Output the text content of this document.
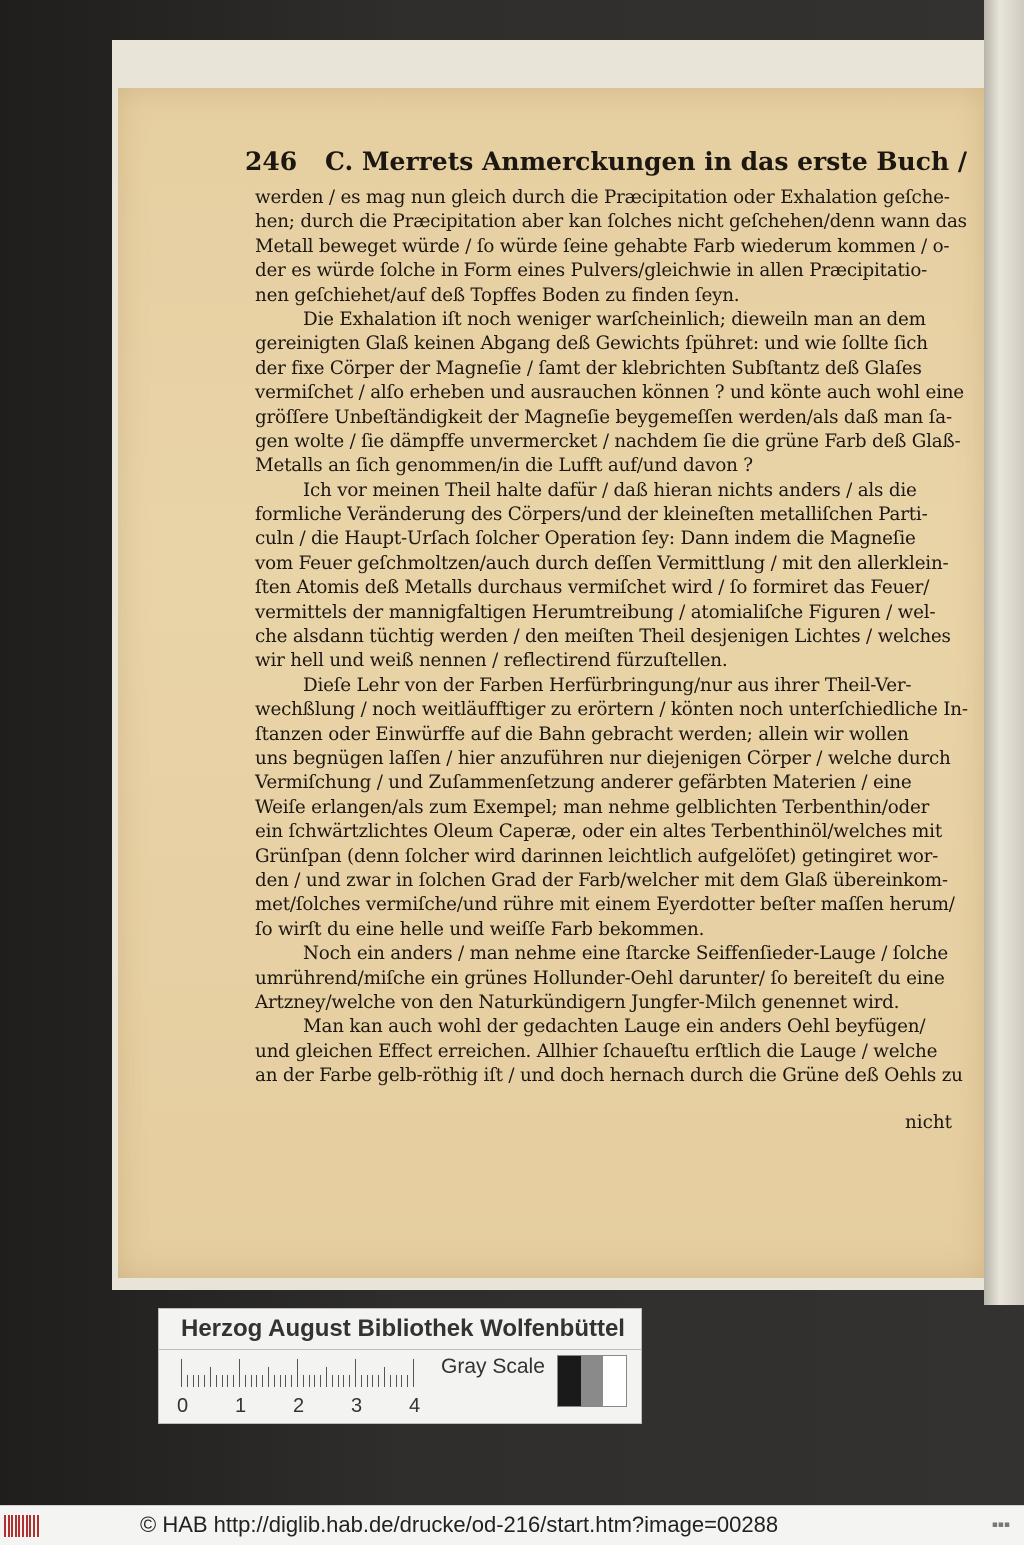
246 C. Merrets Anmerckungen in das erste Buch /
werden / es mag nun gleich durch die Præcipitation oder Exhalation geſche-
hen; durch die Præcipitation aber kan ſolches nicht geſchehen/denn wann das
Metall beweget würde / ſo würde ſeine gehabte Farb wiederum kommen / o-
der es würde ſolche in Form eines Pulvers/gleichwie in allen Præcipitatio-
nen geſchiehet/auf deß Topffes Boden zu finden ſeyn.
Die Exhalation iſt noch weniger warſcheinlich; dieweiln man an dem
gereinigten Glaß keinen Abgang deß Gewichts ſpühret: und wie ſollte ſich
der fixe Cörper der Magneſie / ſamt der klebrichten Subſtantz deß Glaſes
vermiſchet / alſo erheben und ausrauchen können ? und könte auch wohl eine
gröſſere Unbeſtändigkeit der Magneſie beygemeſſen werden/als daß man ſa-
gen wolte / ſie dämpffe unvermercket / nachdem ſie die grüne Farb deß Glaß-
Metalls an ſich genommen/in die Lufft auf/und davon ?
Ich vor meinen Theil halte dafür / daß hieran nichts anders / als die
formliche Veränderung des Cörpers/und der kleineſten metalliſchen Parti-
culn / die Haupt-Urſach ſolcher Operation ſey: Dann indem die Magneſie
vom Feuer geſchmoltzen/auch durch deſſen Vermittlung / mit den allerklein-
ſten Atomis deß Metalls durchaus vermiſchet wird / ſo formiret das Feuer/
vermittels der mannigfaltigen Herumtreibung / atomialiſche Figuren / wel-
che alsdann tüchtig werden / den meiſten Theil desjenigen Lichtes / welches
wir hell und weiß nennen / reflectirend fürzuſtellen.
Dieſe Lehr von der Farben Herfürbringung/nur aus ihrer Theil-Ver-
wechßlung / noch weitläufftiger zu erörtern / könten noch unterſchiedliche In-
ſtanzen oder Einwürffe auf die Bahn gebracht werden; allein wir wollen
uns begnügen laſſen / hier anzuführen nur diejenigen Cörper / welche durch
Vermiſchung / und Zuſammenſetzung anderer gefärbten Materien / eine
Weiſe erlangen/als zum Exempel; man nehme gelblichten Terbenthin/oder
ein ſchwärtzlichtes Oleum Caperæ, oder ein altes Terbenthinöl/welches mit
Grünſpan (denn ſolcher wird darinnen leichtlich aufgelöſet) getingiret wor-
den / und zwar in ſolchen Grad der Farb/welcher mit dem Glaß übereinkom-
met/ſolches vermiſche/und rühre mit einem Eyerdotter beſter maſſen herum/
ſo wirſt du eine helle und weiſſe Farb bekommen.
Noch ein anders / man nehme eine ſtarcke Seiffenſieder-Lauge / ſolche
umrührend/miſche ein grünes Hollunder-Oehl darunter/ ſo bereiteſt du eine
Artzney/welche von den Naturkündigern Jungfer-Milch genennet wird.
Man kan auch wohl der gedachten Lauge ein anders Oehl beyfügen/
und gleichen Effect erreichen. Allhier ſchaueſtu erſtlich die Lauge / welche
an der Farbe gelb-röthig iſt / und doch hernach durch die Grüne deß Oehls zu
nicht
Herzog August Bibliothek Wolfenbüttel
0 1 2 3 4
Gray Scale
© HAB http://diglib.hab.de/drucke/od-216/start.htm?image=00288	▪▪▪
